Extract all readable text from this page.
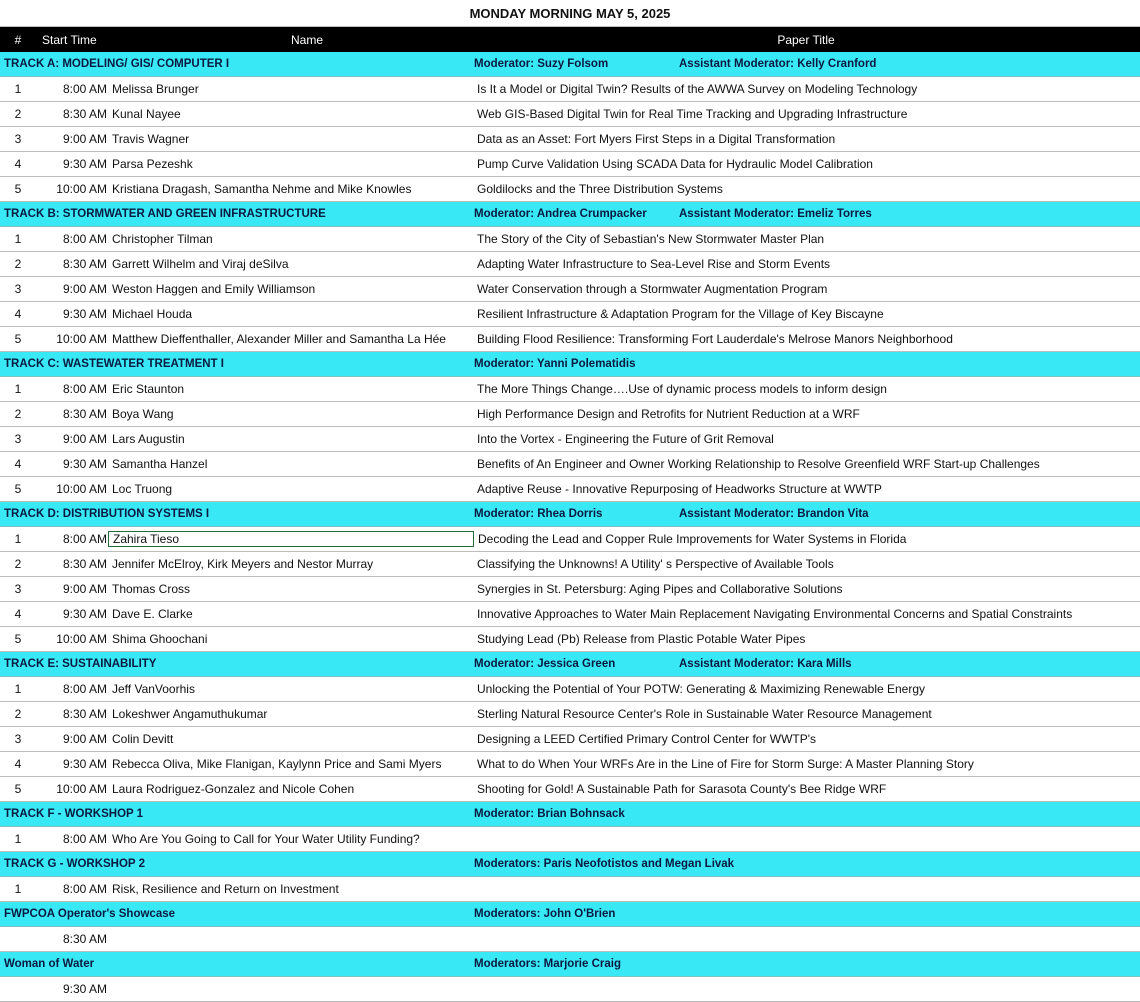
MONDAY MORNING MAY 5, 2025
#	Start Time	Name	Paper Title
TRACK A: MODELING/ GIS/ COMPUTER I	Moderator: Suzy Folsom	Assistant Moderator: Kelly Cranford
1	8:00 AM Melissa Brunger	Is It a Model or Digital Twin? Results of the AWWA Survey on Modeling Technology
2	8:30 AM Kunal Nayee	Web GIS-Based Digital Twin for Real Time Tracking and Upgrading Infrastructure
3	9:00 AM Travis Wagner	Data as an Asset: Fort Myers First Steps in a Digital Transformation
4	9:30 AM Parsa Pezeshk	Pump Curve Validation Using SCADA Data for Hydraulic Model Calibration
5	10:00 AM Kristiana Dragash, Samantha Nehme and Mike Knowles	Goldilocks and the Three Distribution Systems
TRACK B: STORMWATER AND GREEN INFRASTRUCTURE	Moderator: Andrea Crumpacker	Assistant Moderator: Emeliz Torres
1	8:00 AM Christopher Tilman	The Story of the City of Sebastian's New Stormwater Master Plan
2	8:30 AM Garrett Wilhelm and Viraj deSilva	Adapting Water Infrastructure to Sea-Level Rise and Storm Events
3	9:00 AM Weston Haggen and Emily Williamson	Water Conservation through a Stormwater Augmentation Program
4	9:30 AM Michael Houda	Resilient Infrastructure & Adaptation Program for the Village of Key Biscayne
5	10:00 AM Matthew Dieffenthaller, Alexander Miller and Samantha La Hée	Building Flood Resilience: Transforming Fort Lauderdale's Melrose Manors Neighborhood
TRACK C: WASTEWATER TREATMENT I	Moderator: Yanni Polematidis
1	8:00 AM Eric Staunton	The More Things Change….Use of dynamic process models to inform design
2	8:30 AM Boya Wang	High Performance Design and Retrofits for Nutrient Reduction at a WRF
3	9:00 AM Lars Augustin	Into the Vortex - Engineering the Future of Grit Removal
4	9:30 AM Samantha Hanzel	Benefits of An Engineer and Owner Working Relationship to Resolve Greenfield WRF Start-up Challenges
5	10:00 AM Loc Truong	Adaptive Reuse - Innovative Repurposing of Headworks Structure at WWTP
TRACK D: DISTRIBUTION SYSTEMS I	Moderator: Rhea Dorris	Assistant Moderator: Brandon Vita
1	8:00 AM Zahira Tieso	Decoding the Lead and Copper Rule Improvements for Water Systems in Florida
2	8:30 AM Jennifer McElroy, Kirk Meyers and Nestor Murray	Classifying the Unknowns! A Utility' s Perspective of Available Tools
3	9:00 AM Thomas Cross	Synergies in St. Petersburg: Aging Pipes and Collaborative Solutions
4	9:30 AM Dave E. Clarke	Innovative Approaches to Water Main Replacement Navigating Environmental Concerns and Spatial Constraints
5	10:00 AM Shima Ghoochani	Studying Lead (Pb) Release from Plastic Potable Water Pipes
TRACK E: SUSTAINABILITY	Moderator: Jessica Green	Assistant Moderator: Kara Mills
1	8:00 AM Jeff VanVoorhis	Unlocking the Potential of Your POTW: Generating & Maximizing Renewable Energy
2	8:30 AM Lokeshwer Angamuthukumar	Sterling Natural Resource Center's Role in Sustainable Water Resource Management
3	9:00 AM Colin Devitt	Designing a LEED Certified Primary Control Center for WWTP's
4	9:30 AM Rebecca Oliva, Mike Flanigan, Kaylynn Price and Sami Myers	What to do When Your WRFs Are in the Line of Fire for Storm Surge: A Master Planning Story
5	10:00 AM Laura Rodriguez-Gonzalez and Nicole Cohen	Shooting for Gold! A Sustainable Path for Sarasota County's Bee Ridge WRF
TRACK F - WORKSHOP 1	Moderator: Brian Bohnsack
1	8:00 AM Who Are You Going to Call for Your Water Utility Funding?
TRACK G - WORKSHOP 2	Moderators: Paris Neofotistos and Megan Livak
1	8:00 AM Risk, Resilience and Return on Investment
FWPCOA Operator's Showcase	Moderators: John O'Brien
8:30 AM
Woman of Water	Moderators: Marjorie Craig
9:30 AM
